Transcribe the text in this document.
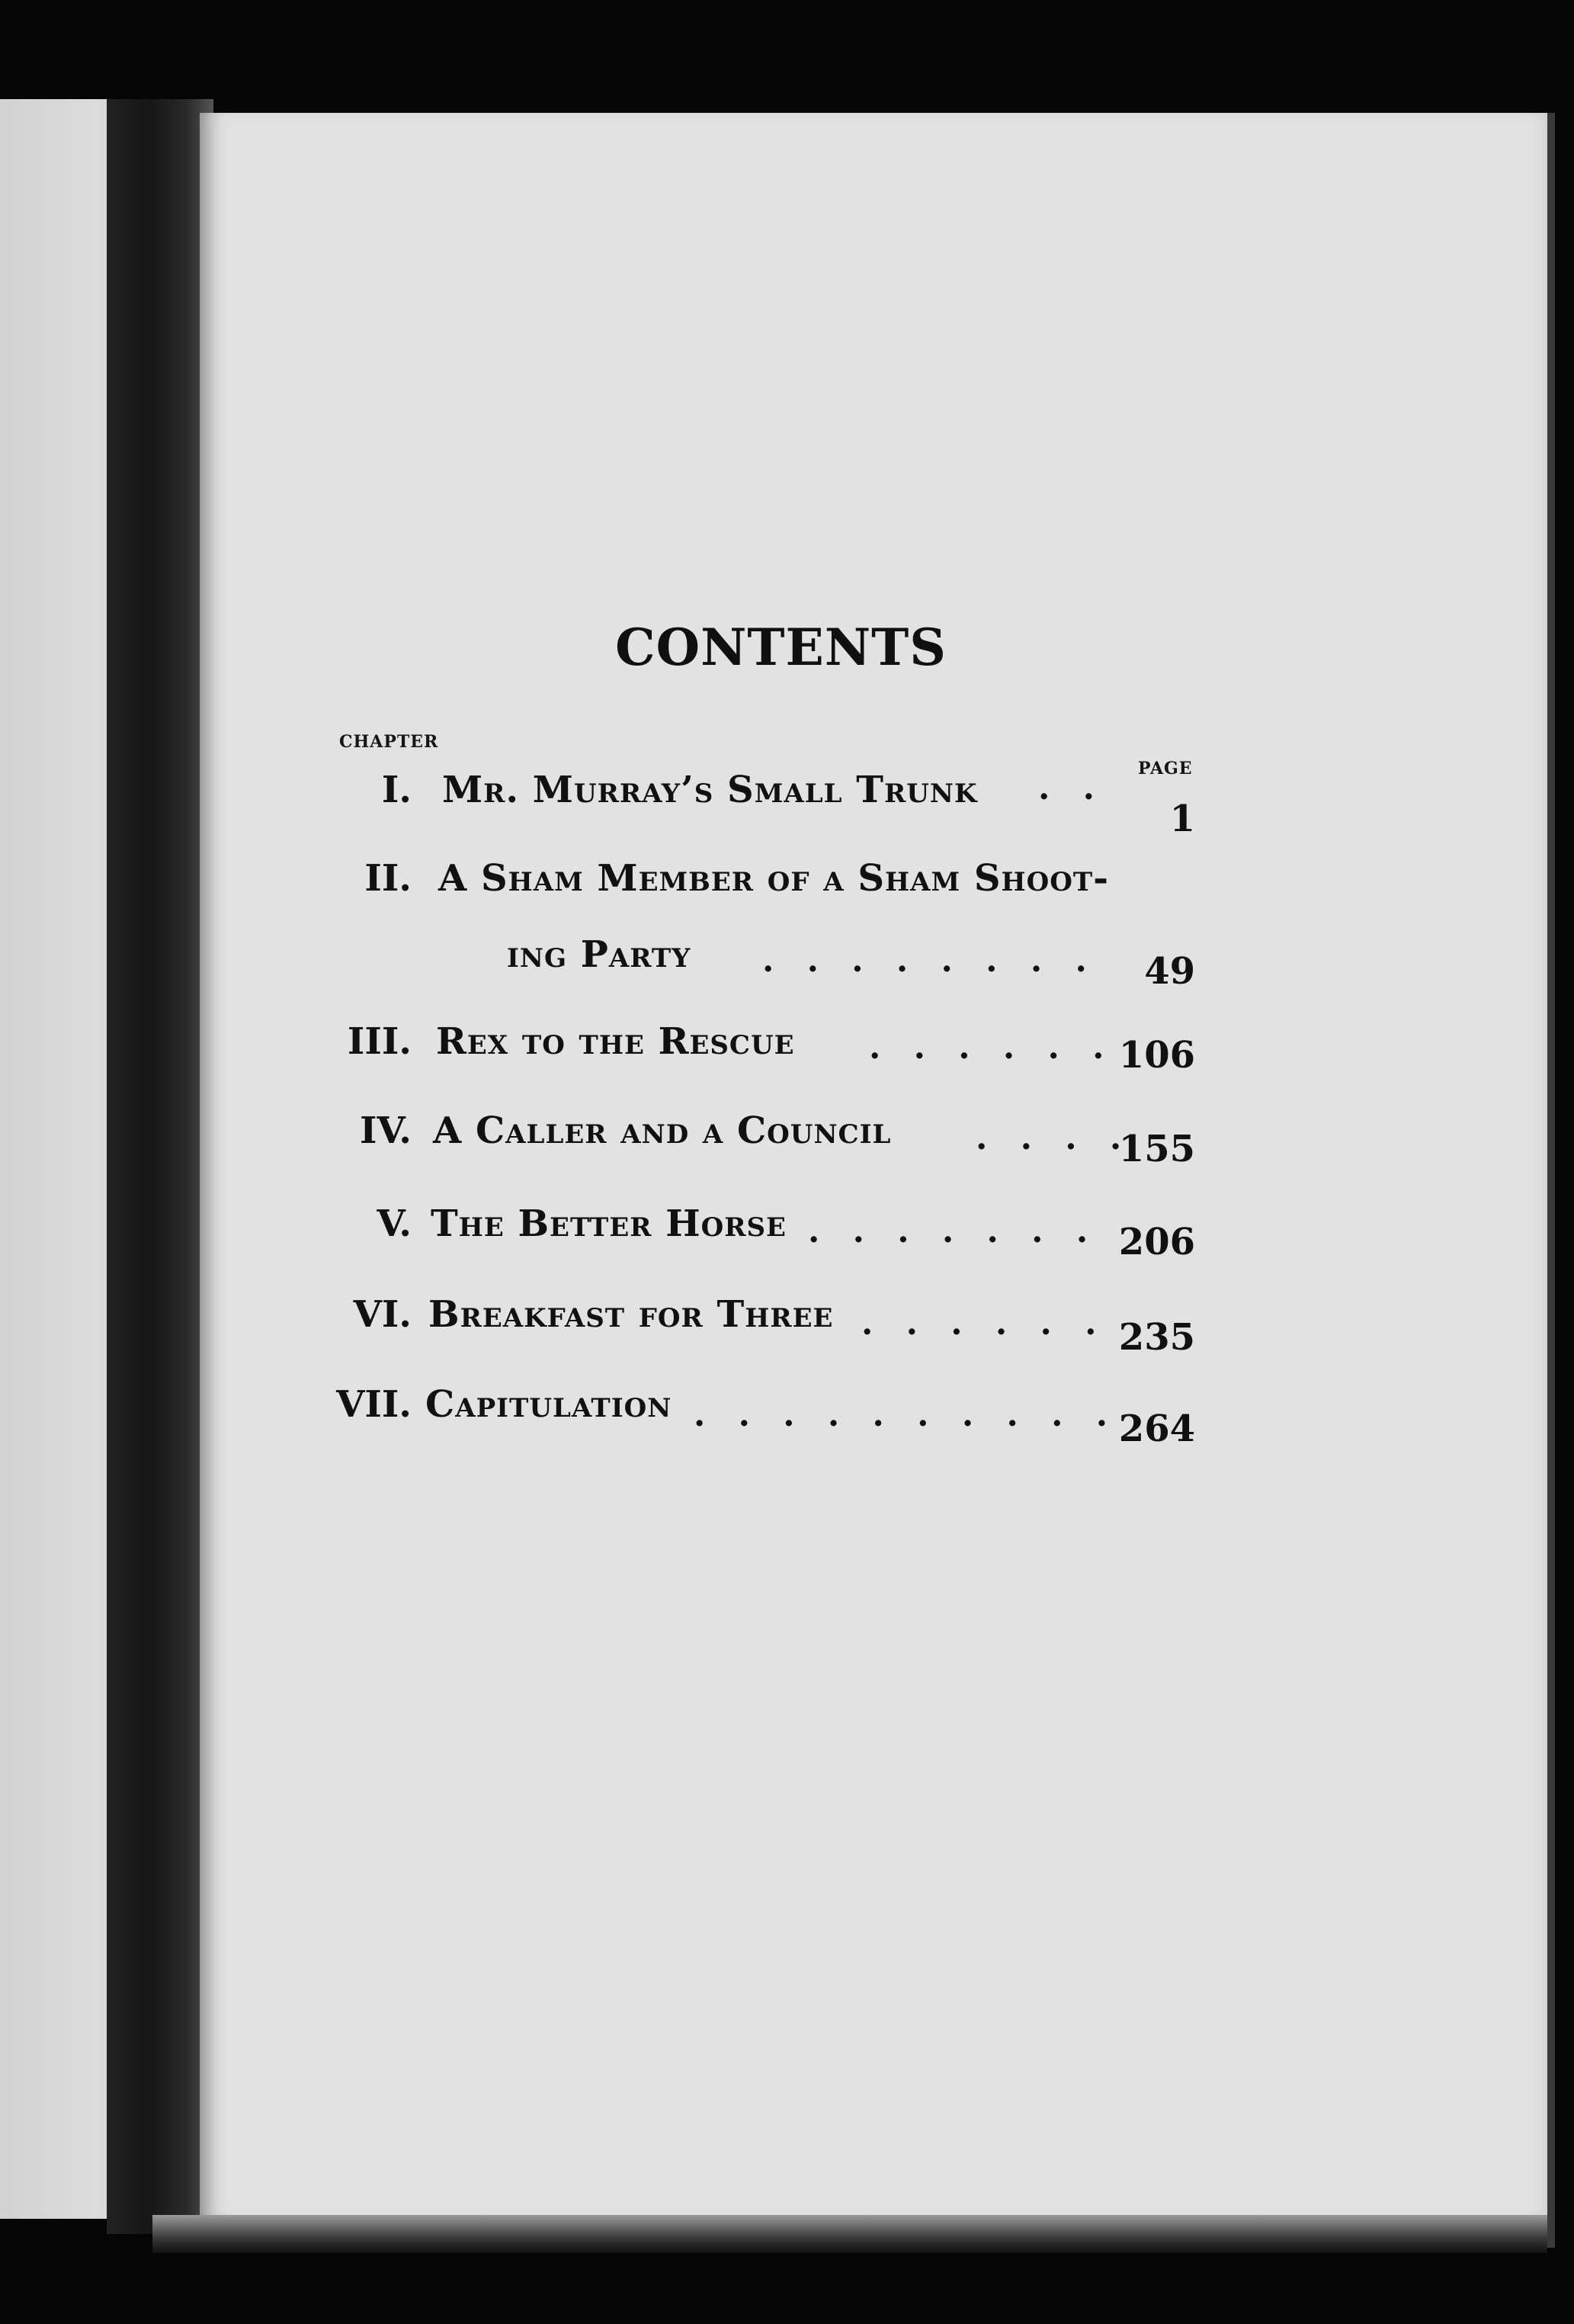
CONTENTS
CHAPTER
PAGE
I. Mr. Murray’s Small Trunk . .
1
II. A Sham Member of a Sham Shoot-
ing Party . . . . . . . .	49
III. Rex to the Rescue . . . . . . 106
IV. A Caller and a Council	. . . .
155
V. The Better Horse . . . . . . . 206
VI. Breakfast for Three . . . . . . 235
VII. Capitulation . . . . . . . . . . 264
